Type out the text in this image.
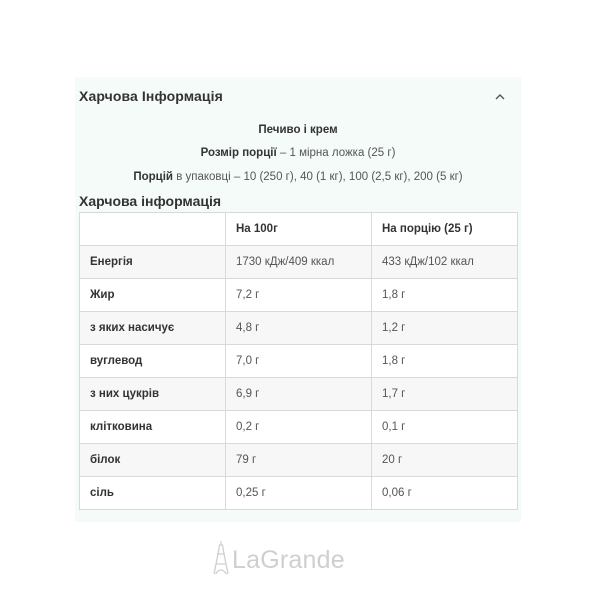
Харчова Інформація
Печиво і крем
Розмір порції – 1 мірна ложка (25 г)
Порцій в упаковці – 10 (250 г), 40 (1 кг), 100 (2,5 кг), 200 (5 кг)
Харчова інформація
	На 100г	На порцію (25 г)
Енергія	1730 кДж/409 ккал	433 кДж/102 ккал
Жир	7,2 г	1,8 г
з яких насичує	4,8 г	1,2 г
вуглевод	7,0 г	1,8 г
з них цукрів	6,9 г	1,7 г
клітковина	0,2 г	0,1 г
білок	79 г	20 г
сіль	0,25 г	0,06 г
LaGrande
